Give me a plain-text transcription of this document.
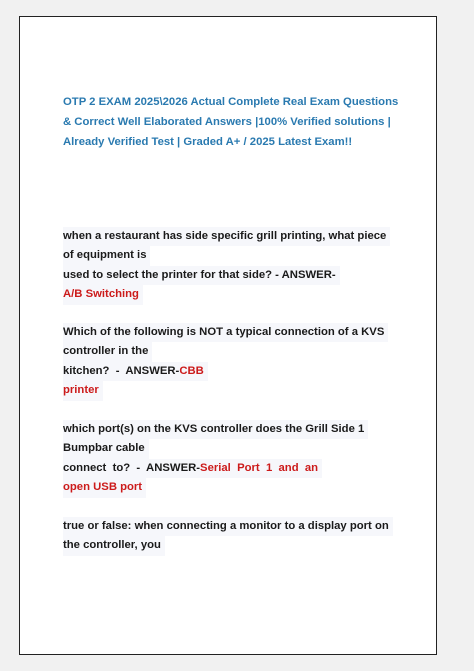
OTP 2 EXAM 2025\2026 Actual Complete Real Exam Questions
& Correct Well Elaborated Answers |100% Verified solutions |
Already Verified Test | Graded A+ / 2025 Latest Exam!!
when a restaurant has side specific grill printing, what piece
of equipment is
used to select the printer for that side? - ANSWER-
A/B Switching
Which of the following is NOT a typical connection of a KVS
controller in the
kitchen?  -  ANSWER-CBB
printer
which port(s) on the KVS controller does the Grill Side 1
Bumpbar cable
connect  to?  -  ANSWER-Serial  Port  1  and  an
open USB port
true or false: when connecting a monitor to a display port on
the controller, you
